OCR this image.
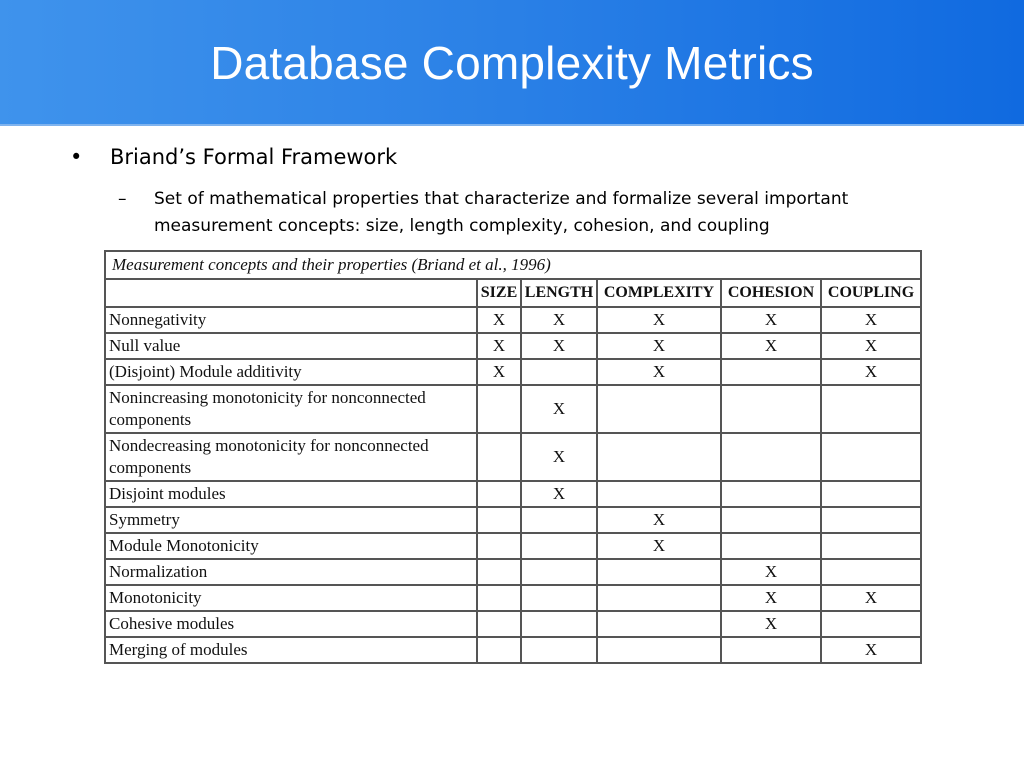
Database Complexity Metrics
• Briand’s Formal Framework
– Set of mathematical properties that characterize and formalize several important measurement concepts: size, length complexity, cohesion, and coupling
Measurement concepts and their properties (Briand et al., 1996)					
	SIZE	LENGTH	COMPLEXITY	COHESION	COUPLING
Nonnegativity	X	X	X	X	X
Null value	X	X	X	X	X
(Disjoint) Module additivity	X		X		X
Nonincreasing monotonicity for nonconnected components		X			
Nondecreasing monotonicity for nonconnected components		X			
Disjoint modules		X			
Symmetry			X		
Module Monotonicity			X		
Normalization				X	
Monotonicity				X	X
Cohesive modules				X	
Merging of modules					X
